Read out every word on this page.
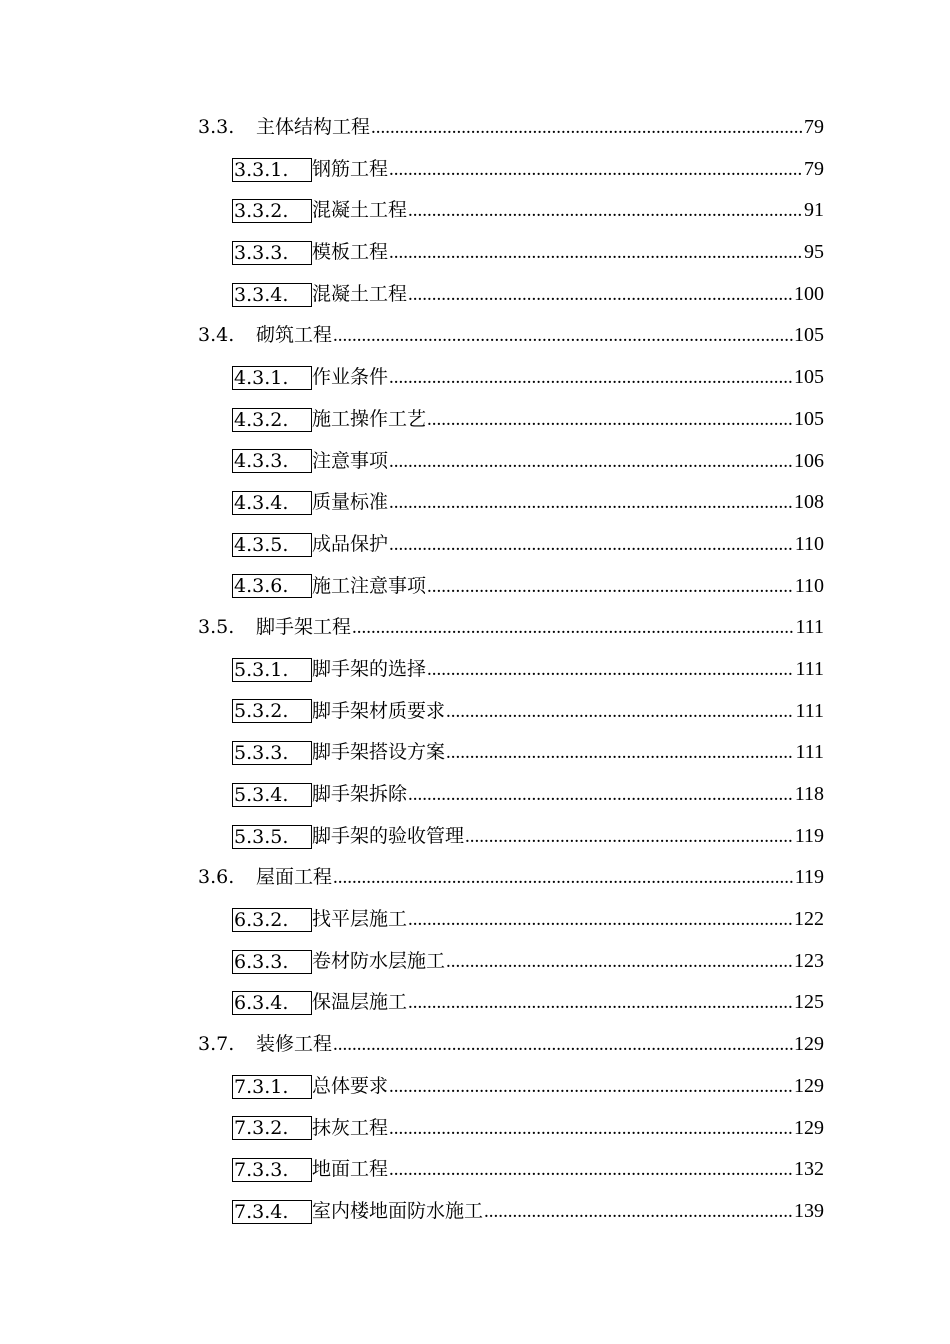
3.3.	主体结构工程 .....	79
3.3.1.	钢筋工程 .....	79
3.3.2.	混凝土工程 .....	91
3.3.3.	模板工程 .....	95
3.3.4.	混凝土工程 .....	100
3.4.	砌筑工程 .....	105
4.3.1.	作业条件 .....	105
4.3.2.	施工操作工艺 .....	105
4.3.3.	注意事项 .....	106
4.3.4.	质量标准 .....	108
4.3.5.	成品保护 .....	110
4.3.6.	施工注意事项 .....	110
3.5.	脚手架工程 .....	111
5.3.1.	脚手架的选择 .....	111
5.3.2.	脚手架材质要求 .....	111
5.3.3.	脚手架搭设方案 .....	111
5.3.4.	脚手架拆除 .....	118
5.3.5.	脚手架的验收管理 .....	119
3.6.	屋面工程 .....	119
6.3.2.	找平层施工 .....	122
6.3.3.	卷材防水层施工 .....	123
6.3.4.	保温层施工 .....	125
3.7.	装修工程 .....	129
7.3.1.	总体要求 .....	129
7.3.2.	抹灰工程 .....	129
7.3.3.	地面工程 .....	132
7.3.4.	室内楼地面防水施工 .....	139
